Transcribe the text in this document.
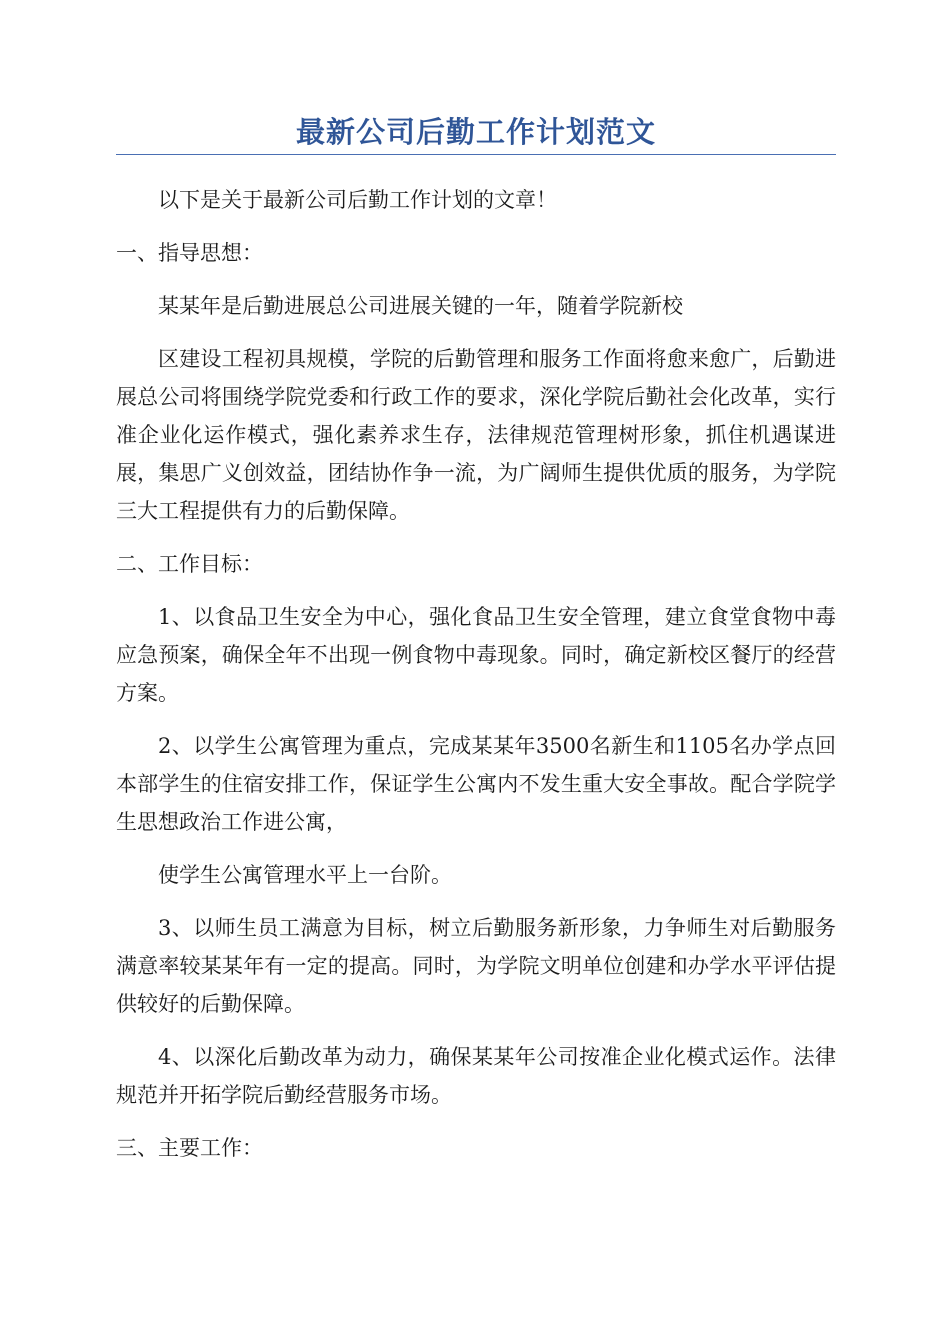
最新公司后勤工作计划范文

以下是关于最新公司后勤工作计划的文章！

一、指导思想：

某某年是后勤进展总公司进展关键的一年，随着学院新校

区建设工程初具规模，学院的后勤管理和服务工作面将愈来愈广，后勤进展总公司将围绕学院党委和行政工作的要求，深化学院后勤社会化改革，实行准企业化运作模式，强化素养求生存，法律规范管理树形象，抓住机遇谋进展，集思广义创效益，团结协作争一流，为广阔师生提供优质的服务，为学院三大工程提供有力的后勤保障。

二、工作目标：

1、以食品卫生安全为中心，强化食品卫生安全管理，建立食堂食物中毒应急预案，确保全年不出现一例食物中毒现象。同时，确定新校区餐厅的经营方案。

2、以学生公寓管理为重点，完成某某年3500名新生和1105名办学点回本部学生的住宿安排工作，保证学生公寓内不发生重大安全事故。配合学院学生思想政治工作进公寓，

使学生公寓管理水平上一台阶。

3、以师生员工满意为目标，树立后勤服务新形象，力争师生对后勤服务满意率较某某年有一定的提高。同时，为学院文明单位创建和办学水平评估提供较好的后勤保障。

4、以深化后勤改革为动力，确保某某年公司按准企业化模式运作。法律规范并开拓学院后勤经营服务市场。

三、主要工作：
